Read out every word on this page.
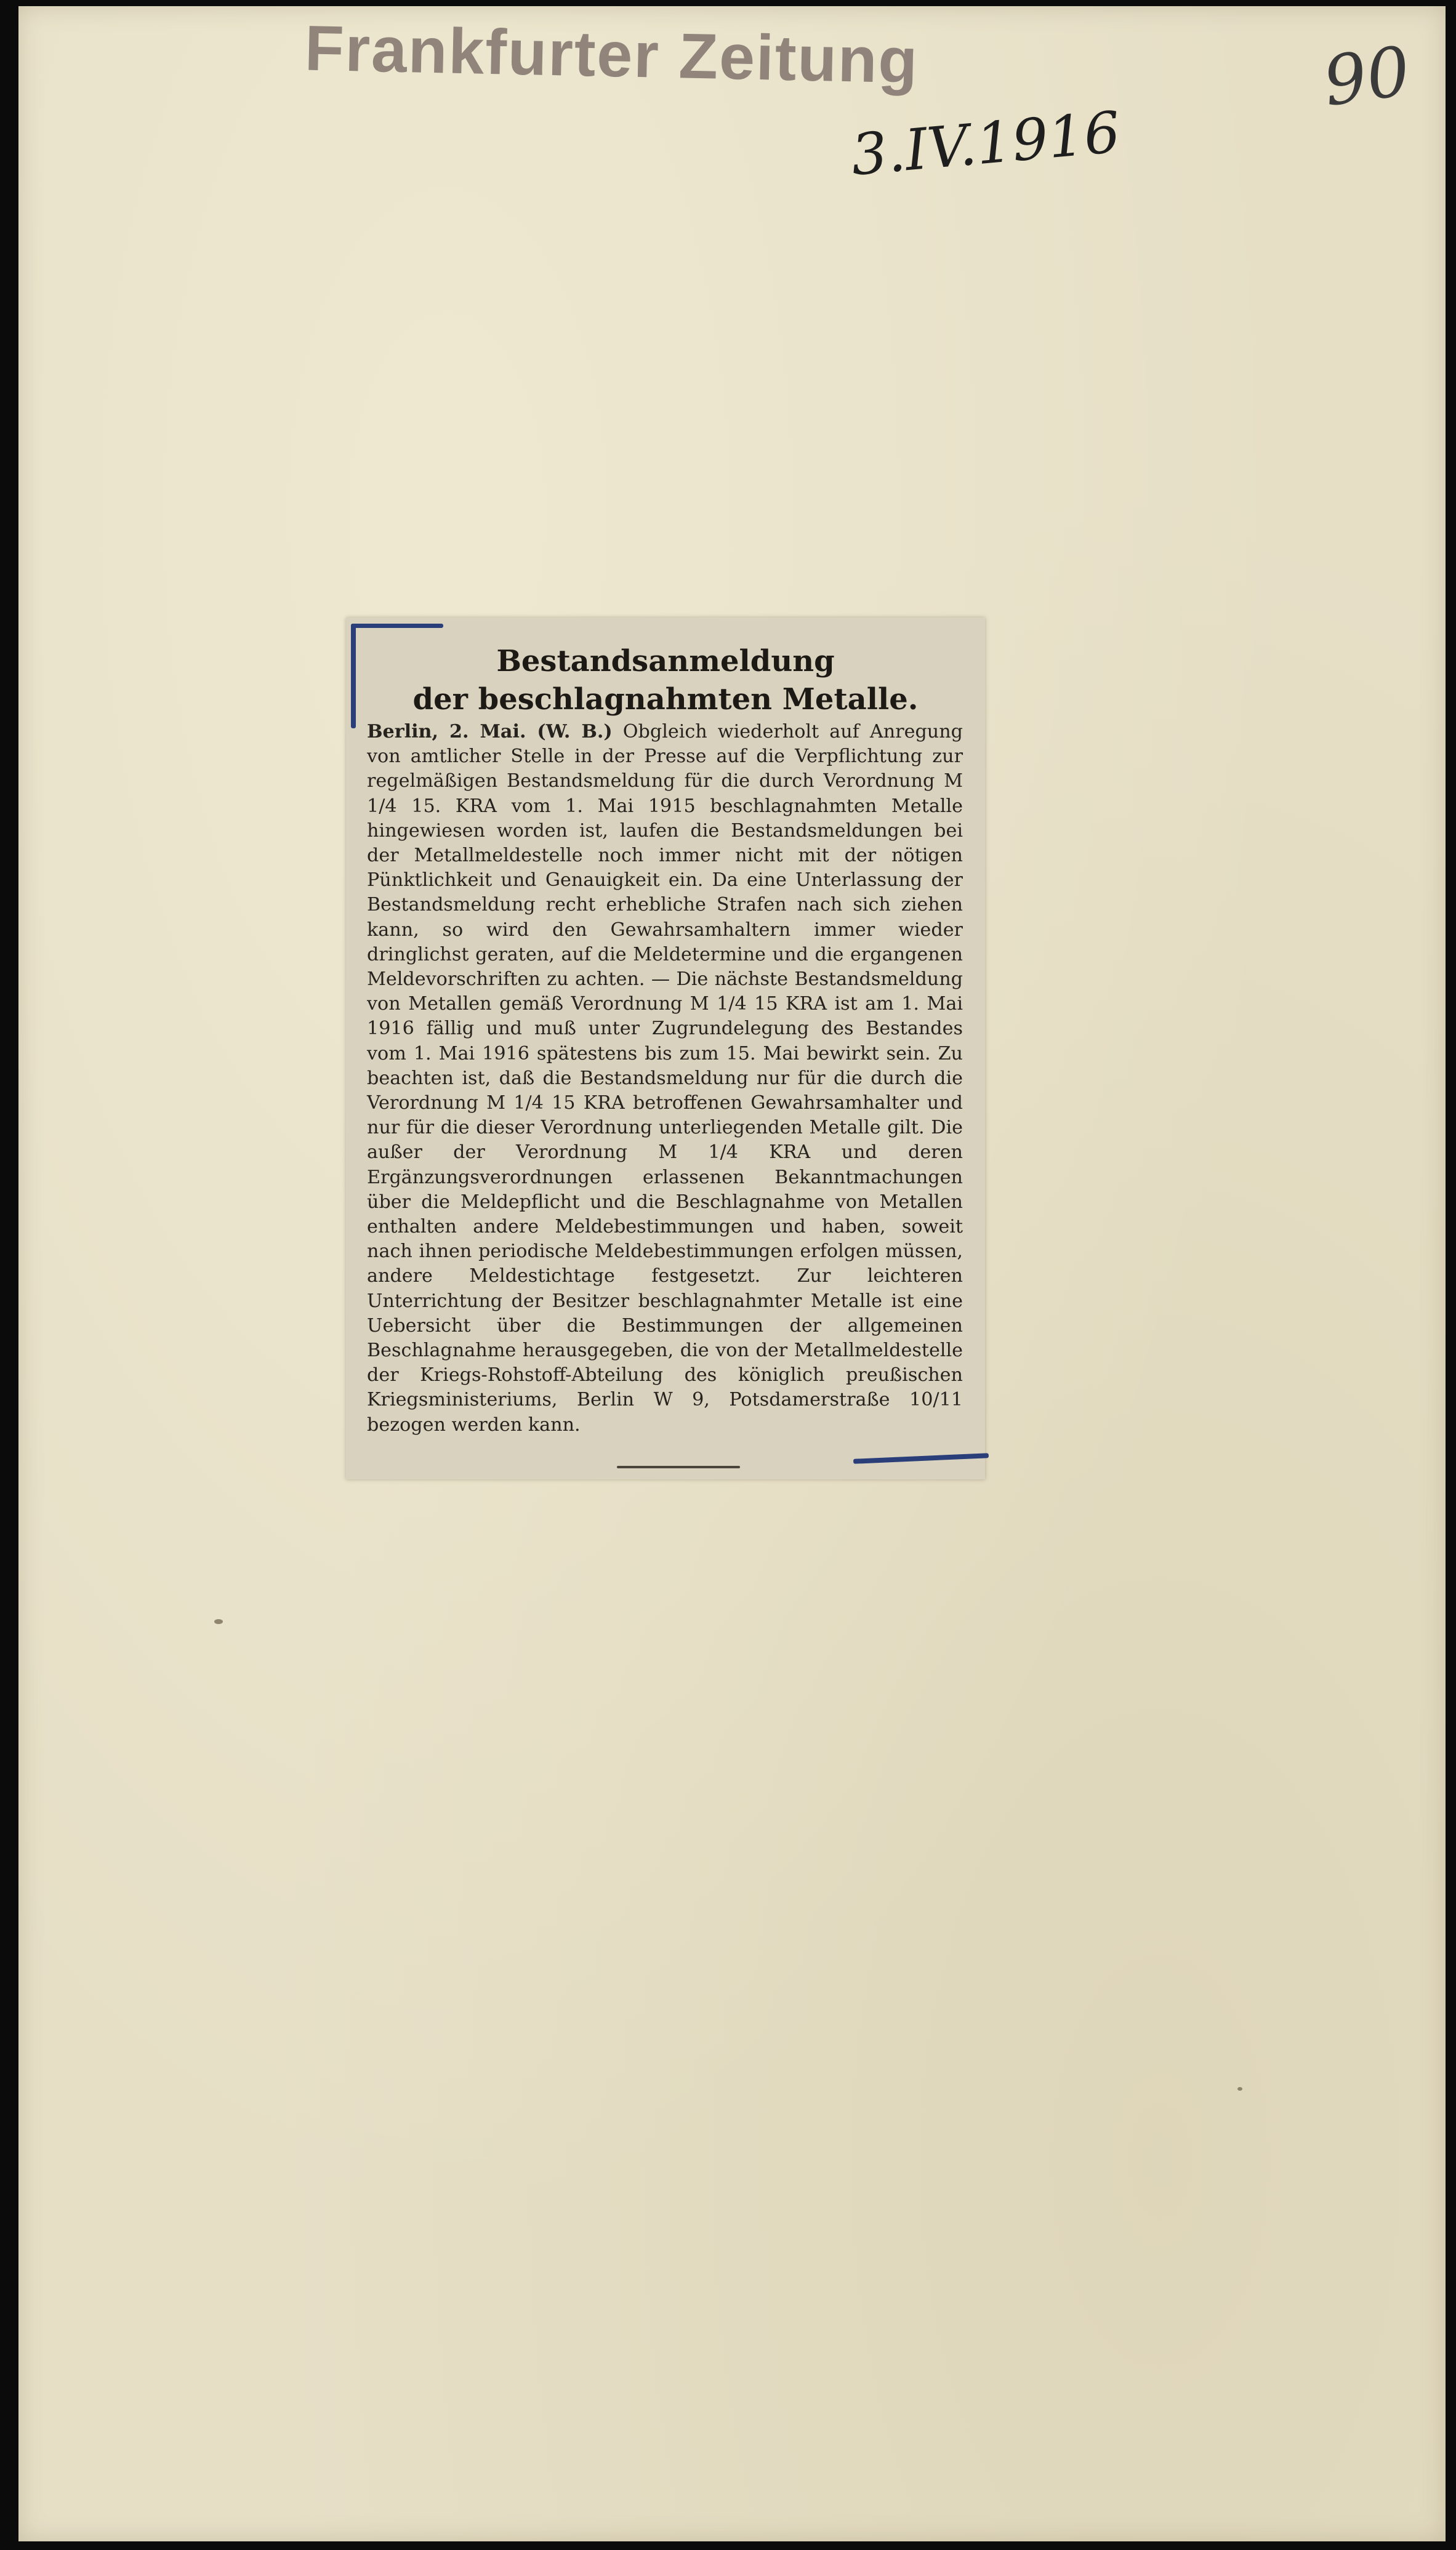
Frankfurter Zeitung
3.IV.1916
90
Bestandsanmeldung
der beschlagnahmten Metalle.
Berlin, 2. Mai. (W. B.) Obgleich wiederholt auf Anregung von amtlicher Stelle in der Presse auf die Verpflichtung zur regelmäßigen Bestandsmeldung für die durch Verordnung M 1/4 15. KRA vom 1. Mai 1915 beschlagnahmten Metalle hingewiesen worden ist, laufen die Bestandsmeldungen bei der Metallmeldestelle noch immer nicht mit der nötigen Pünktlichkeit und Genauigkeit ein. Da eine Unterlassung der Bestandsmeldung recht erhebliche Strafen nach sich ziehen kann, so wird den Gewahrsamhaltern immer wieder dringlichst geraten, auf die Meldetermine und die ergangenen Meldevorschriften zu achten. — Die nächste Bestandsmeldung von Metallen gemäß Verordnung M 1/4 15 KRA ist am 1. Mai 1916 fällig und muß unter Zugrundelegung des Bestandes vom 1. Mai 1916 spätestens bis zum 15. Mai bewirkt sein. Zu beachten ist, daß die Bestandsmeldung nur für die durch die Verordnung M 1/4 15 KRA betroffenen Gewahrsamhalter und nur für die dieser Verordnung unterliegenden Metalle gilt. Die außer der Verordnung M 1/4 KRA und deren Ergänzungsverordnungen erlassenen Bekanntmachungen über die Meldepflicht und die Beschlagnahme von Metallen enthalten andere Meldebestimmungen und haben, soweit nach ihnen periodische Meldebestimmungen erfolgen müssen, andere Meldestichtage festgesetzt. Zur leichteren Unterrichtung der Besitzer beschlagnahmter Metalle ist eine Uebersicht über die Bestimmungen der allgemeinen Beschlagnahme herausgegeben, die von der Metallmeldestelle der Kriegs-Rohstoff-Abteilung des königlich preußischen Kriegsministeriums, Berlin W 9, Potsdamerstraße 10/11 bezogen werden kann.
